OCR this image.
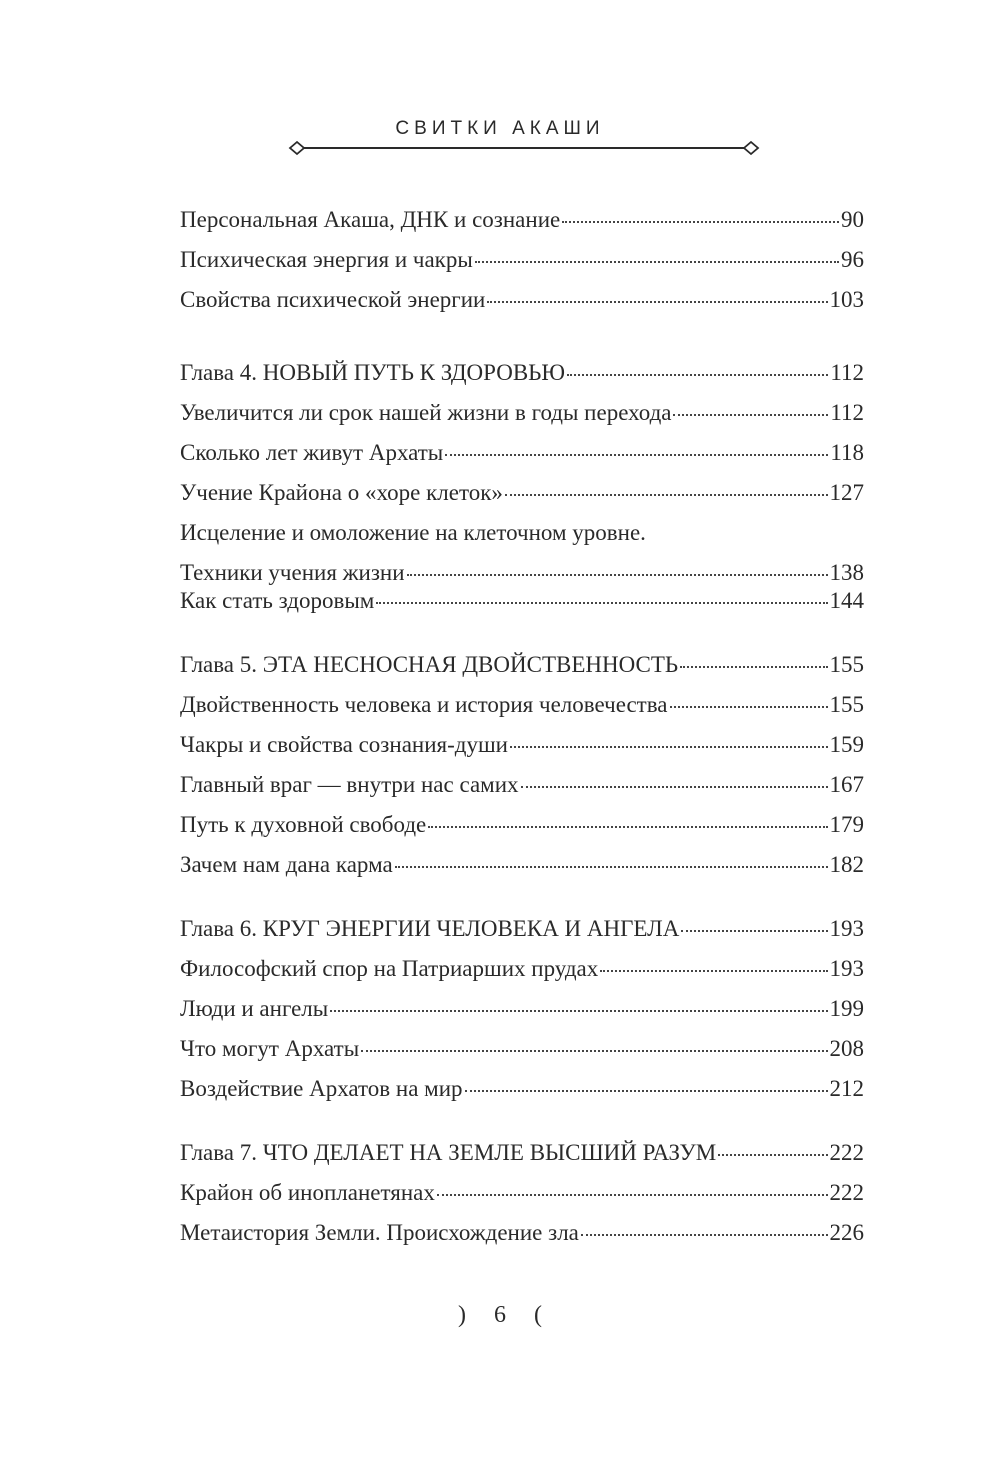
СВИТКИ АКАШИ
Персональная Акаша, ДНК и сознание	90
Психическая энергия и чакры	96
Свойства психической энергии	103
Глава 4. НОВЫЙ ПУТЬ К ЗДОРОВЬЮ	112
Увеличится ли срок нашей жизни в годы перехода	112
Сколько лет живут Архаты	118
Учение Крайона о «хоре клеток»	127
Исцеление и омоложение на клеточном уровне.
Техники учения жизни	138
Как стать здоровым	144
Глава 5. ЭТА НЕСНОСНАЯ ДВОЙСТВЕННОСТЬ	155
Двойственность человека и история человечества	155
Чакры и свойства сознания-души	159
Главный враг — внутри нас самих	167
Путь к духовной свободе	179
Зачем нам дана карма	182
Глава 6. КРУГ ЭНЕРГИИ ЧЕЛОВЕКА И АНГЕЛА	193
Философский спор на Патриарших прудах	193
Люди и ангелы	199
Что могут Архаты	208
Воздействие Архатов на мир	212
Глава 7. ЧТО ДЕЛАЕТ НА ЗЕМЛЕ ВЫСШИЙ РАЗУМ	222
Крайон об инопланетянах	222
Метаистория Земли. Происхождение зла	226
) 6 (
